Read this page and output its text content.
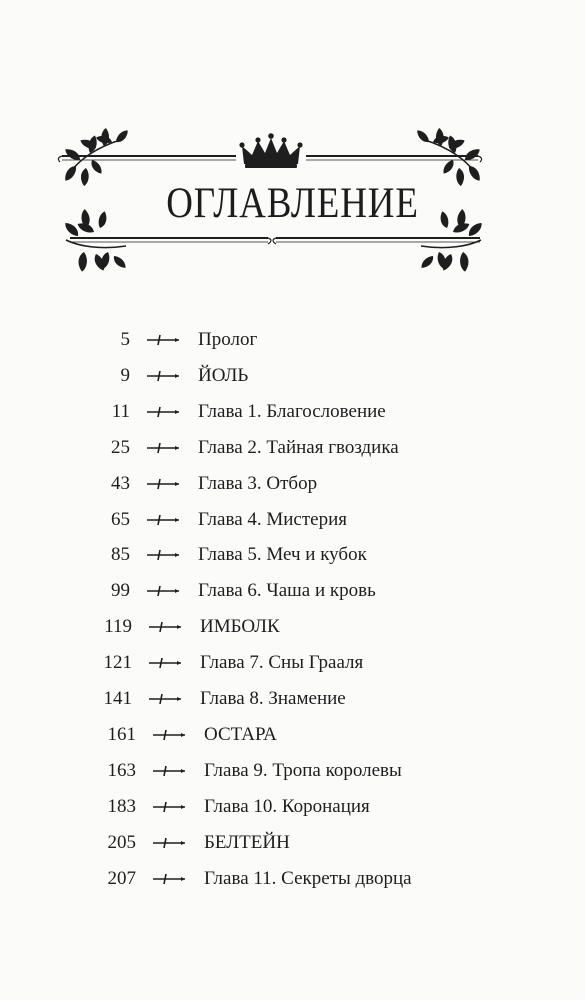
ОГЛАВЛЕНИЕ
5	Пролог
9	ЙОЛЬ
11	Глава 1. Благословение
25	Глава 2. Тайная гвоздика
43	Глава 3. Отбор
65	Глава 4. Мистерия
85	Глава 5. Меч и кубок
99	Глава 6. Чаша и кровь
119	ИМБОЛК
121	Глава 7. Сны Грааля
141	Глава 8. Знамение
161	ОСТАРА
163	Глава 9. Тропа королевы
183	Глава 10. Коронация
205	БЕЛТЕЙН
207	Глава 11. Секреты дворца
